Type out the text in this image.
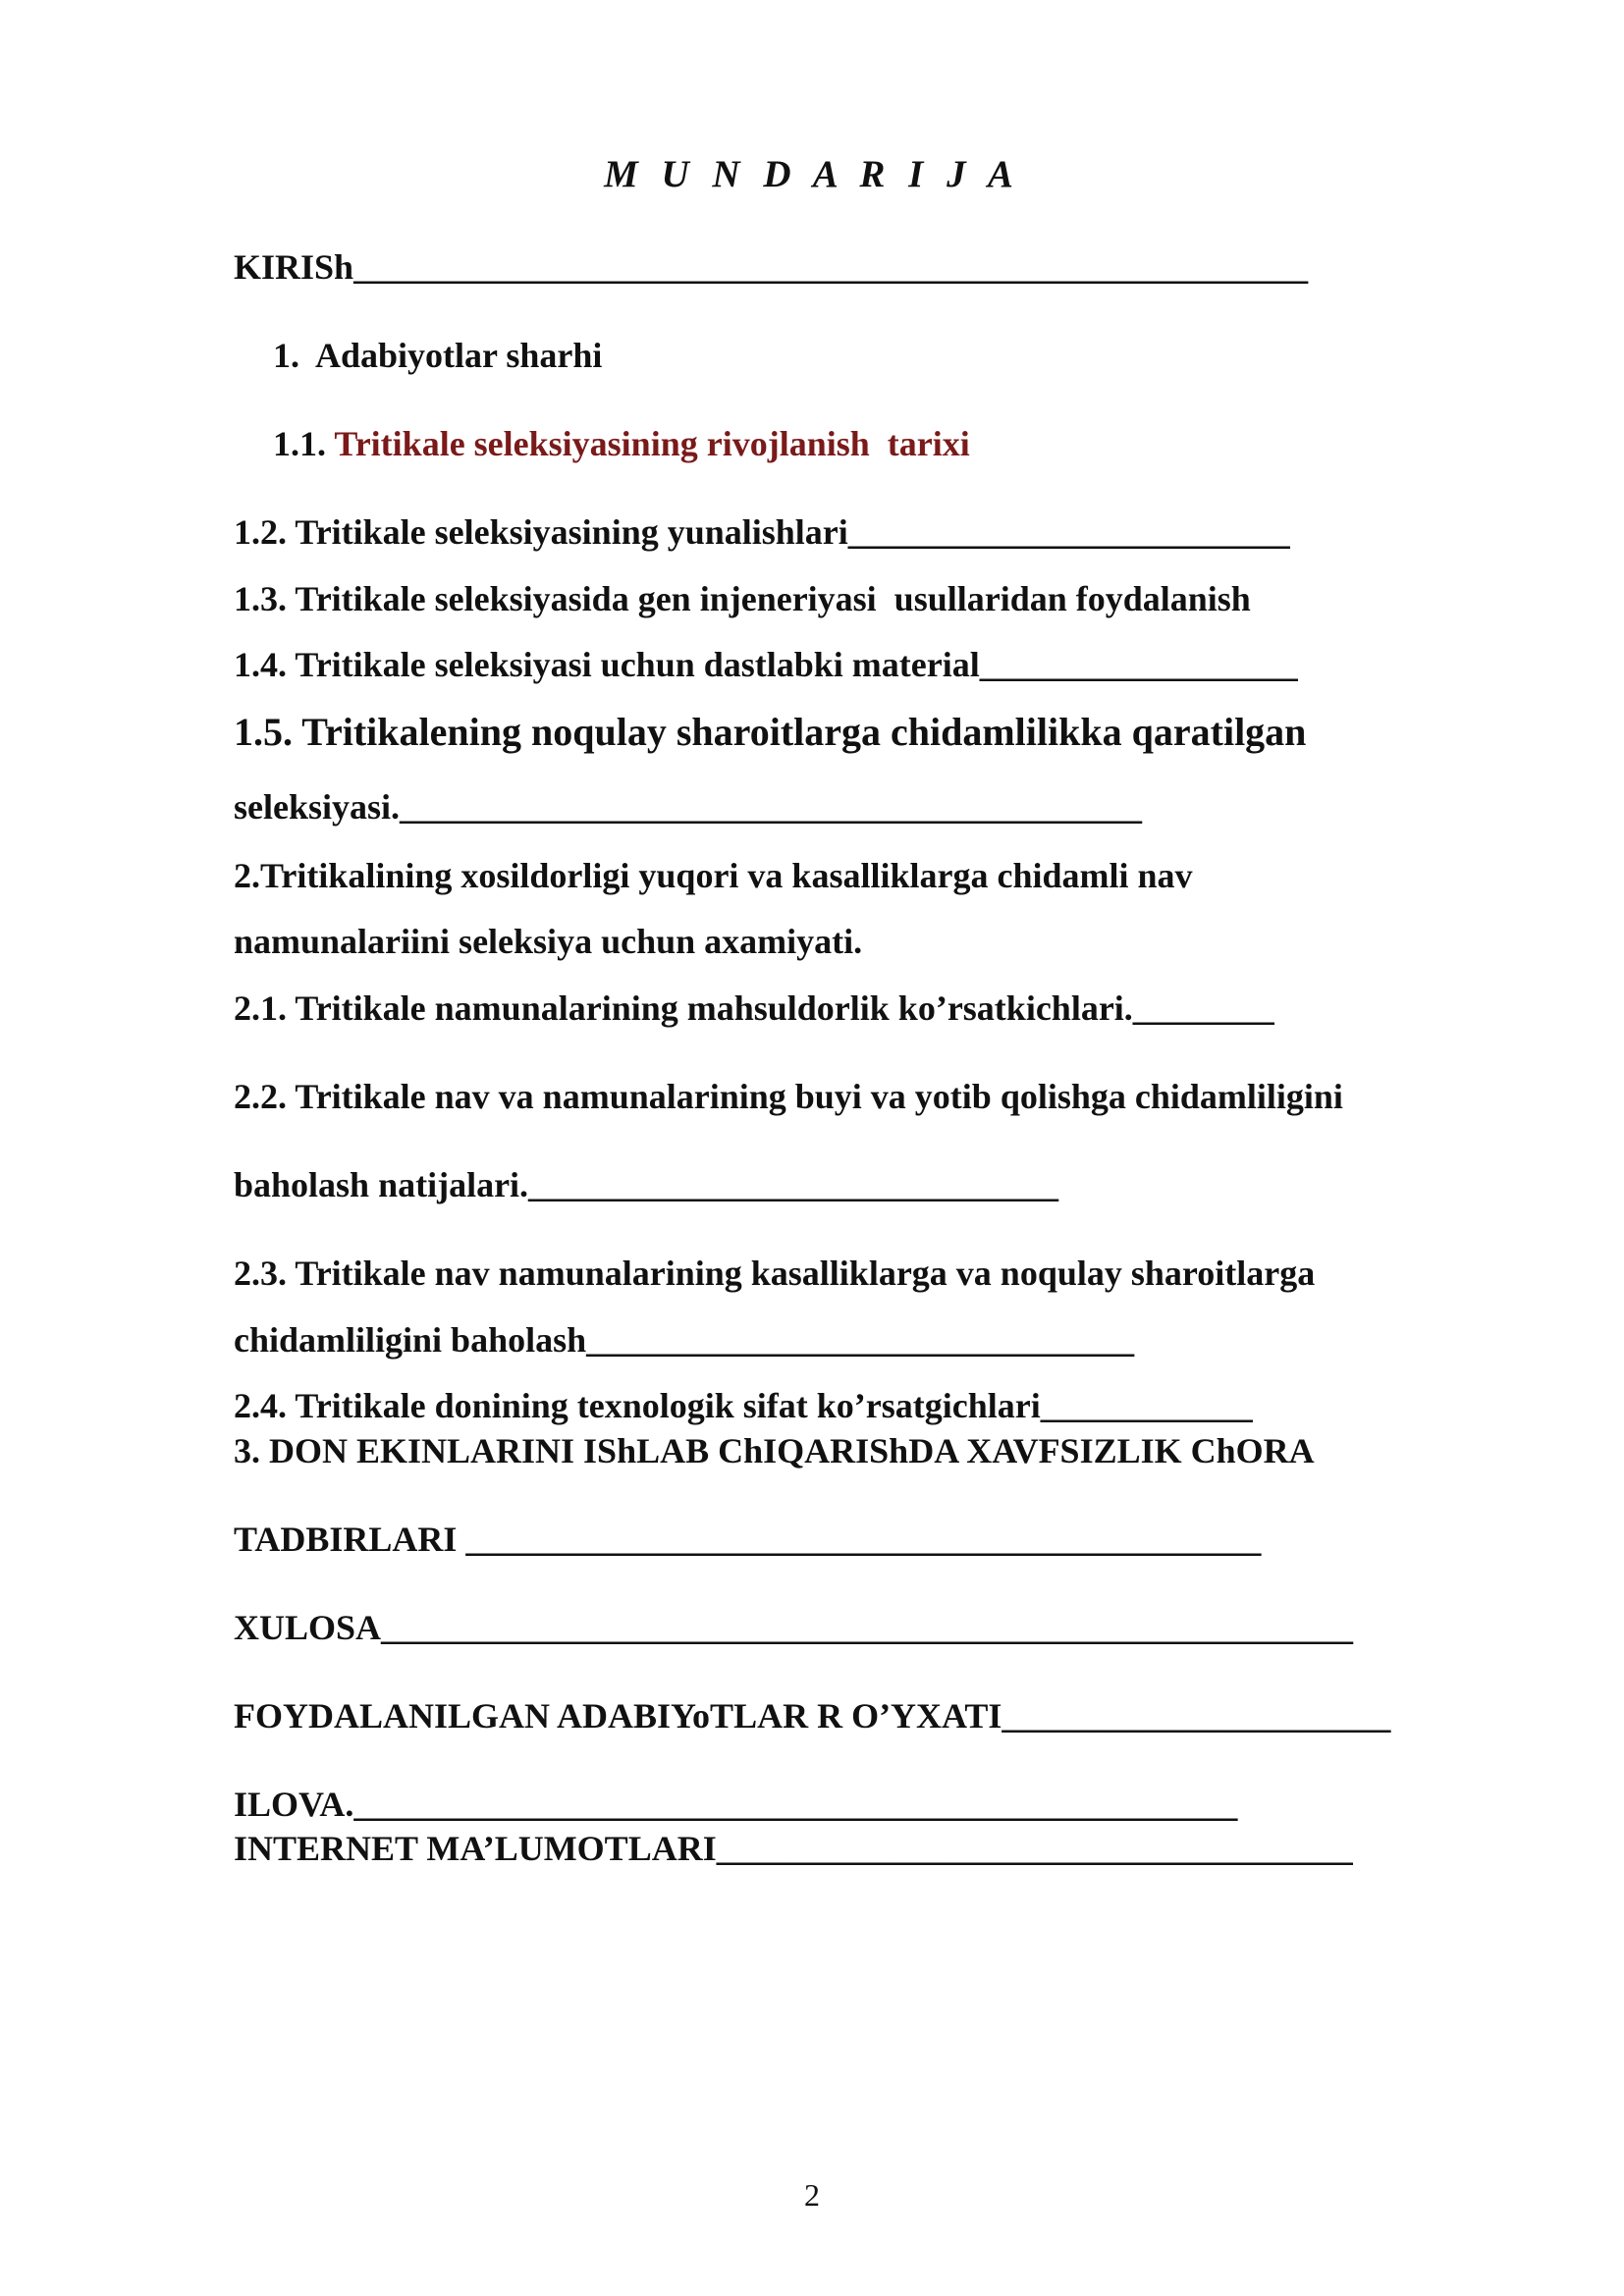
M U N D A R I J A
KIRISh______________________________________________________
1. Adabiyotlar sharhi
1.1. Tritikale seleksiyasining rivojlanish  tarixi
1.2. Tritikale seleksiyasining yunalishlari_________________________
1.3. Tritikale seleksiyasida gen injeneriyasi  usullaridan foydalanish
1.4. Tritikale seleksiyasi uchun dastlabki material__________________
1.5. Tritikalening noqulay sharoitlarga chidamlilikka qaratilgan
seleksiyasi.__________________________________________
2.Tritikalining xosildorligi yuqori va kasalliklarga chidamli nav
namunalariini seleksiya uchun axamiyati.
2.1. Tritikale namunalarining mahsuldorlik ko’rsatkichlari.________
2.2. Tritikale nav va namunalarining buyi va yotib qolishga chidamliligini
baholash natijalari.______________________________
2.3. Tritikale nav namunalarining kasalliklarga va noqulay sharoitlarga
chidamliligini baholash_______________________________
2.4. Tritikale donining texnologik sifat ko’rsatgichlari____________
3. DON EKINLARINI IShLAB ChIQARIShDA XAVFSIZLIK ChORA
TADBIRLARI _____________________________________________
XULOSA_______________________________________________________
FOYDALANILGAN ADABIYoTLAR R O’YXATI______________________
ILOVA.__________________________________________________
INTERNET MA’LUMOTLARI____________________________________
2
